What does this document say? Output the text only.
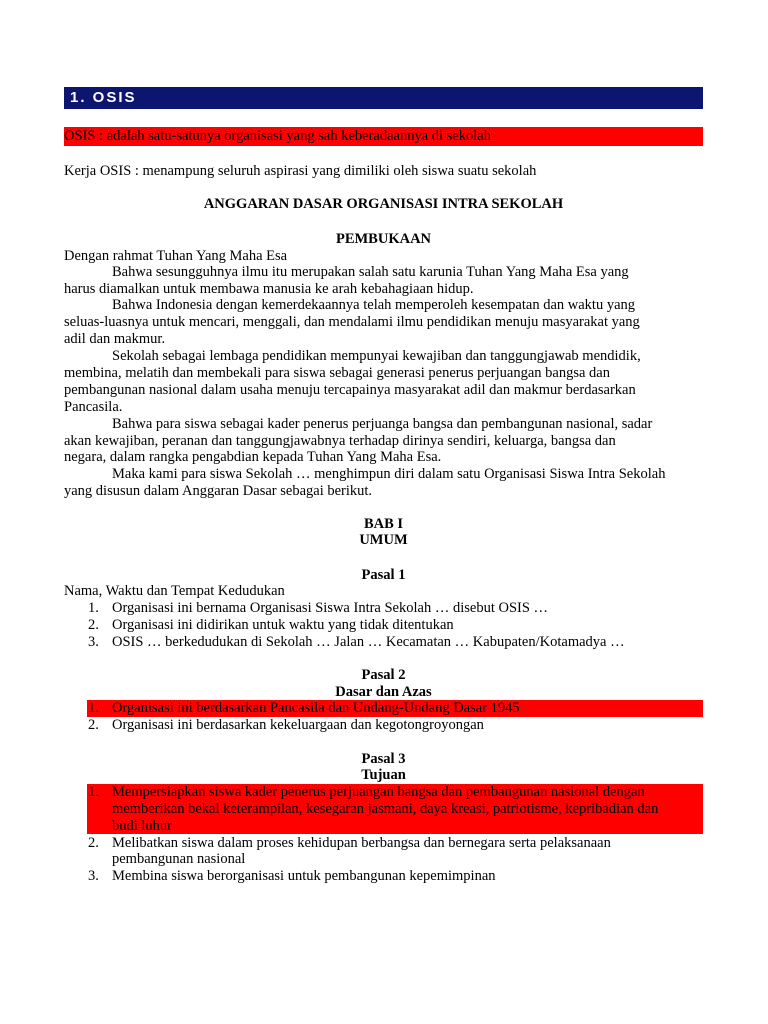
1. OSIS
OSIS : adalah satu-satunya organisasi yang sah keberadaannya di sekolah
Kerja OSIS : menampung seluruh aspirasi yang dimiliki oleh siswa suatu sekolah
ANGGARAN DASAR ORGANISASI INTRA SEKOLAH
PEMBUKAAN
Dengan rahmat Tuhan Yang Maha Esa
Bahwa sesungguhnya ilmu itu merupakan salah satu karunia Tuhan Yang Maha Esa yang
harus diamalkan untuk membawa manusia ke arah kebahagiaan hidup.
Bahwa Indonesia dengan kemerdekaannya telah memperoleh kesempatan dan waktu yang
seluas-luasnya untuk mencari, menggali, dan mendalami ilmu pendidikan menuju masyarakat yang
adil dan makmur.
Sekolah sebagai lembaga pendidikan mempunyai kewajiban dan tanggungjawab mendidik,
membina, melatih dan membekali para siswa sebagai generasi penerus perjuangan bangsa dan
pembangunan nasional dalam usaha menuju tercapainya masyarakat adil dan makmur berdasarkan
Pancasila.
Bahwa para siswa sebagai kader penerus perjuanga bangsa dan pembangunan nasional, sadar
akan kewajiban, peranan dan tanggungjawabnya terhadap dirinya sendiri, keluarga, bangsa dan
negara, dalam rangka pengabdian kepada Tuhan Yang Maha Esa.
Maka kami para siswa Sekolah … menghimpun diri dalam satu Organisasi Siswa Intra Sekolah
yang disusun dalam Anggaran Dasar sebagai berikut.
BAB I
UMUM
Pasal 1
Nama, Waktu dan Tempat Kedudukan
1. Organisasi ini bernama Organisasi Siswa Intra Sekolah … disebut OSIS …
2. Organisasi ini didirikan untuk waktu yang tidak ditentukan
3. OSIS … berkedudukan di Sekolah … Jalan … Kecamatan … Kabupaten/Kotamadya …
Pasal 2
Dasar dan Azas
1. Organisasi ini berdasarkan Pancasila dan Undang-Undang Dasar 1945
2. Organisasi ini berdasarkan kekeluargaan dan kegotongroyongan
Pasal 3
Tujuan
1. Mempersiapkan siswa kader penerus perjuangan bangsa dan pembangunan nasional dengan
memberikan bekal keterampilan, kesegaran jasmani, daya kreasi, patriotisme, kepribadian dan
budi luhur
2. Melibatkan siswa dalam proses kehidupan berbangsa dan bernegara serta pelaksanaan
pembangunan nasional
3. Membina siswa berorganisasi untuk pembangunan kepemimpinan
